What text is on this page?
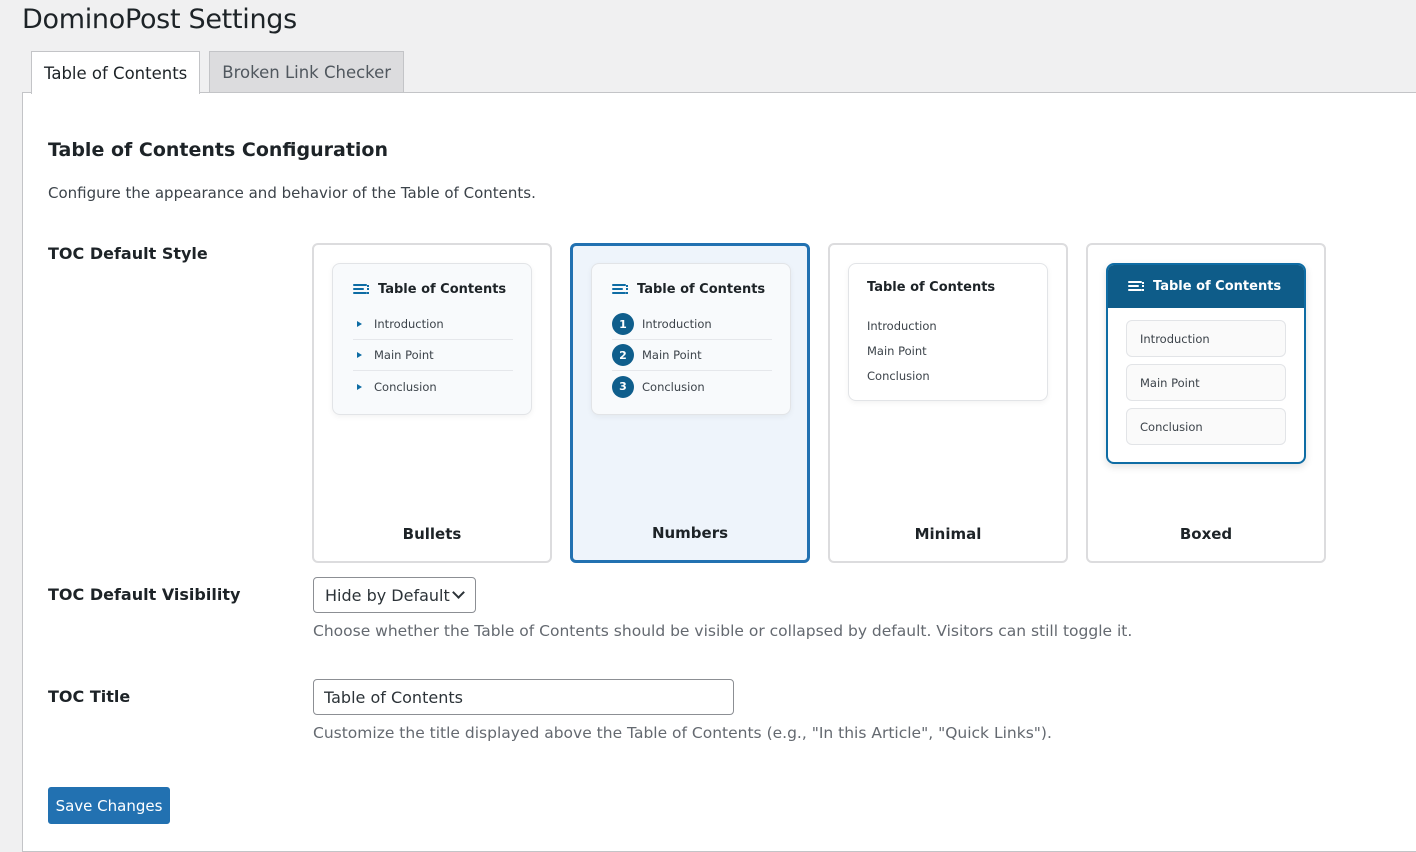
DominoPost Settings
Table of Contents	Broken Link Checker
Table of Contents Configuration

Configure the appearance and behavior of the Table of Contents.

TOC Default Style
Table of Contents
Introduction
Main Point
Conclusion
Bullets
Table of Contents
1	Introduction
2	Main Point
3	Conclusion
Numbers
Table of Contents
Introduction
Main Point
Conclusion
Minimal
Table of Contents
Introduction
Main Point
Conclusion
Boxed
TOC Default Visibility	Hide by Default
Choose whether the Table of Contents should be visible or collapsed by default. Visitors can still toggle it.
TOC Title
Table of Contents
Customize the title displayed above the Table of Contents (e.g., "In this Article", "Quick Links").
Save Changes
